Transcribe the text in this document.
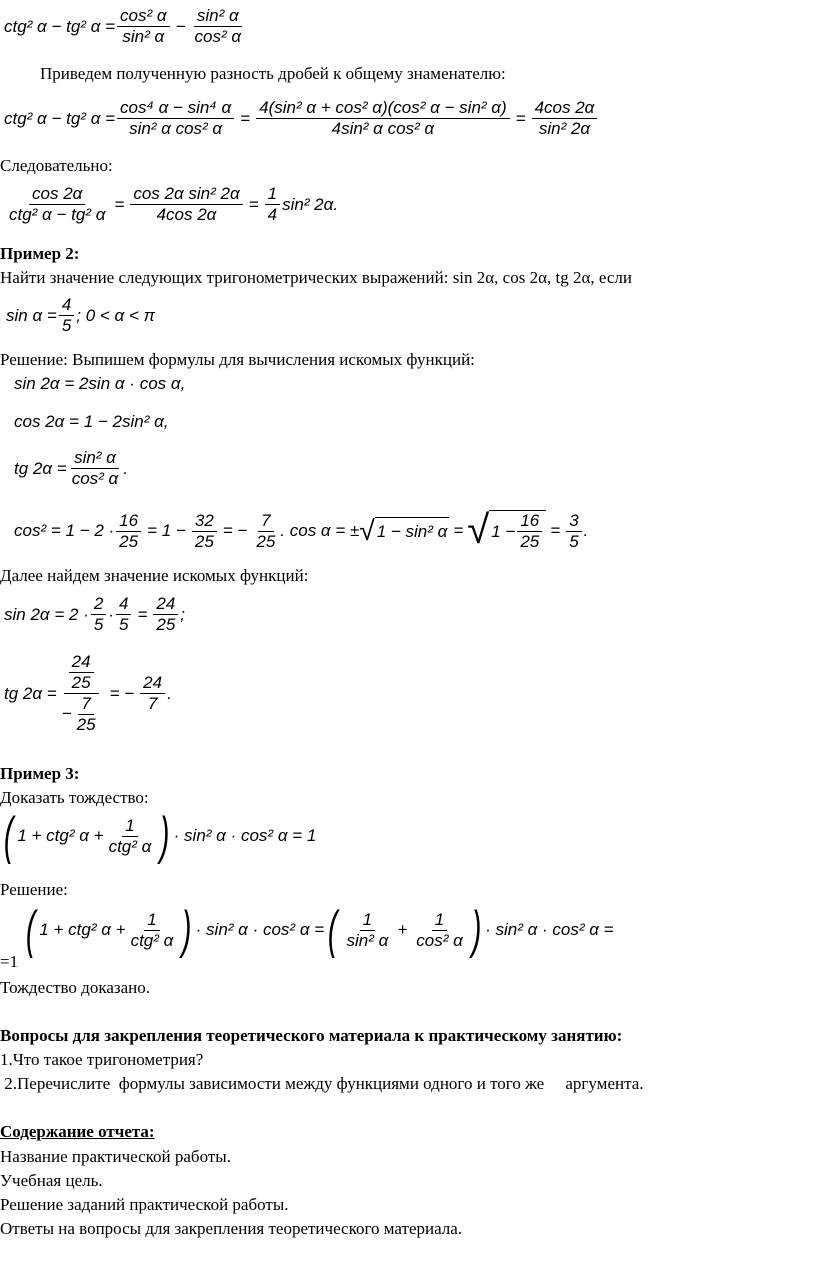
ctg² α − tg² $\alpha = \frac{\text{cos² α}}{\text{sin² α}} - \frac{\text{sin² α}}{\text{cos² α}}$
Приведем полученную разность дробей к общему знаменателю:
ctg² α − tg² $\alpha = \frac{\text{cos⁴ α − sin⁴ α}}{\text{sin² α cos² α}} = \frac{\text{4(sin² α + cos² α)(cos² α − sin² α)}}{\text{4sin² α cos² α}} = \frac{4\cos 2\alpha}{\text{sin² 2α}}$
Следовательно:
$\frac{\cos 2\alpha}{\text{ctg² α − tg² α}} = \frac{\text{cos 2α sin² 2α}}{4\cos 2\alpha} = \frac{1}{4} \sin^2$ 2α.
Пример 2:
Найти значение следующих тригонометрических выражений: sin 2α, cos 2α, tg 2α, если
$\sin \alpha = \frac{4}{5}$ ; 0 < α < π
Решение: Выпишем формулы для вычисления искомых функций:
sin 2α = 2sin α · cos α,
cos 2α = 1 − 2sin² α,
tg $2\alpha = \frac{\text{sin² α}}{\text{cos² α}}$ .
$\cos^2 = 1 - 2 \cdot \frac{16}{25} = 1 - \frac{32}{25}$ = − $\frac{7}{25}$ . cos α = ± √ 1 − sin² α = √ $1 - \frac{16}{25} = \frac{3}{5}$ .
Далее найдем значение искомых функций:
$\sin 2\alpha = 2 \cdot \frac{2}{5} \cdot \frac{4}{5} = \frac{24}{25}$ ;
tg $2\alpha = \frac{\frac{24}{25}}{- \frac{7}{25}}$ = − $\frac{24}{7}$ .
Пример 3:
Доказать тождество:
( 1 + ctg² $\alpha + \frac{1}{\text{ctg² α}}$ ) · sin² α · cos² α = 1
Решение:
( 1 + ctg² $\alpha + \frac{1}{\text{ctg² α}}$ ) · sin² α · cos² α = ( $\frac{1}{\text{sin² α}} + \frac{1}{\text{cos² α}}$ ) · sin² α · cos² α =
=1
Тождество доказано.
Вопросы для закрепления теоретического материала к практическому занятию:
1.Что такое тригонометрия?
2.Перечислите  формулы зависимости между функциями одного и того же     аргумента.
Содержание отчета:
Название практической работы.
Учебная цель.
Решение заданий практической работы.
Ответы на вопросы для закрепления теоретического материала.
